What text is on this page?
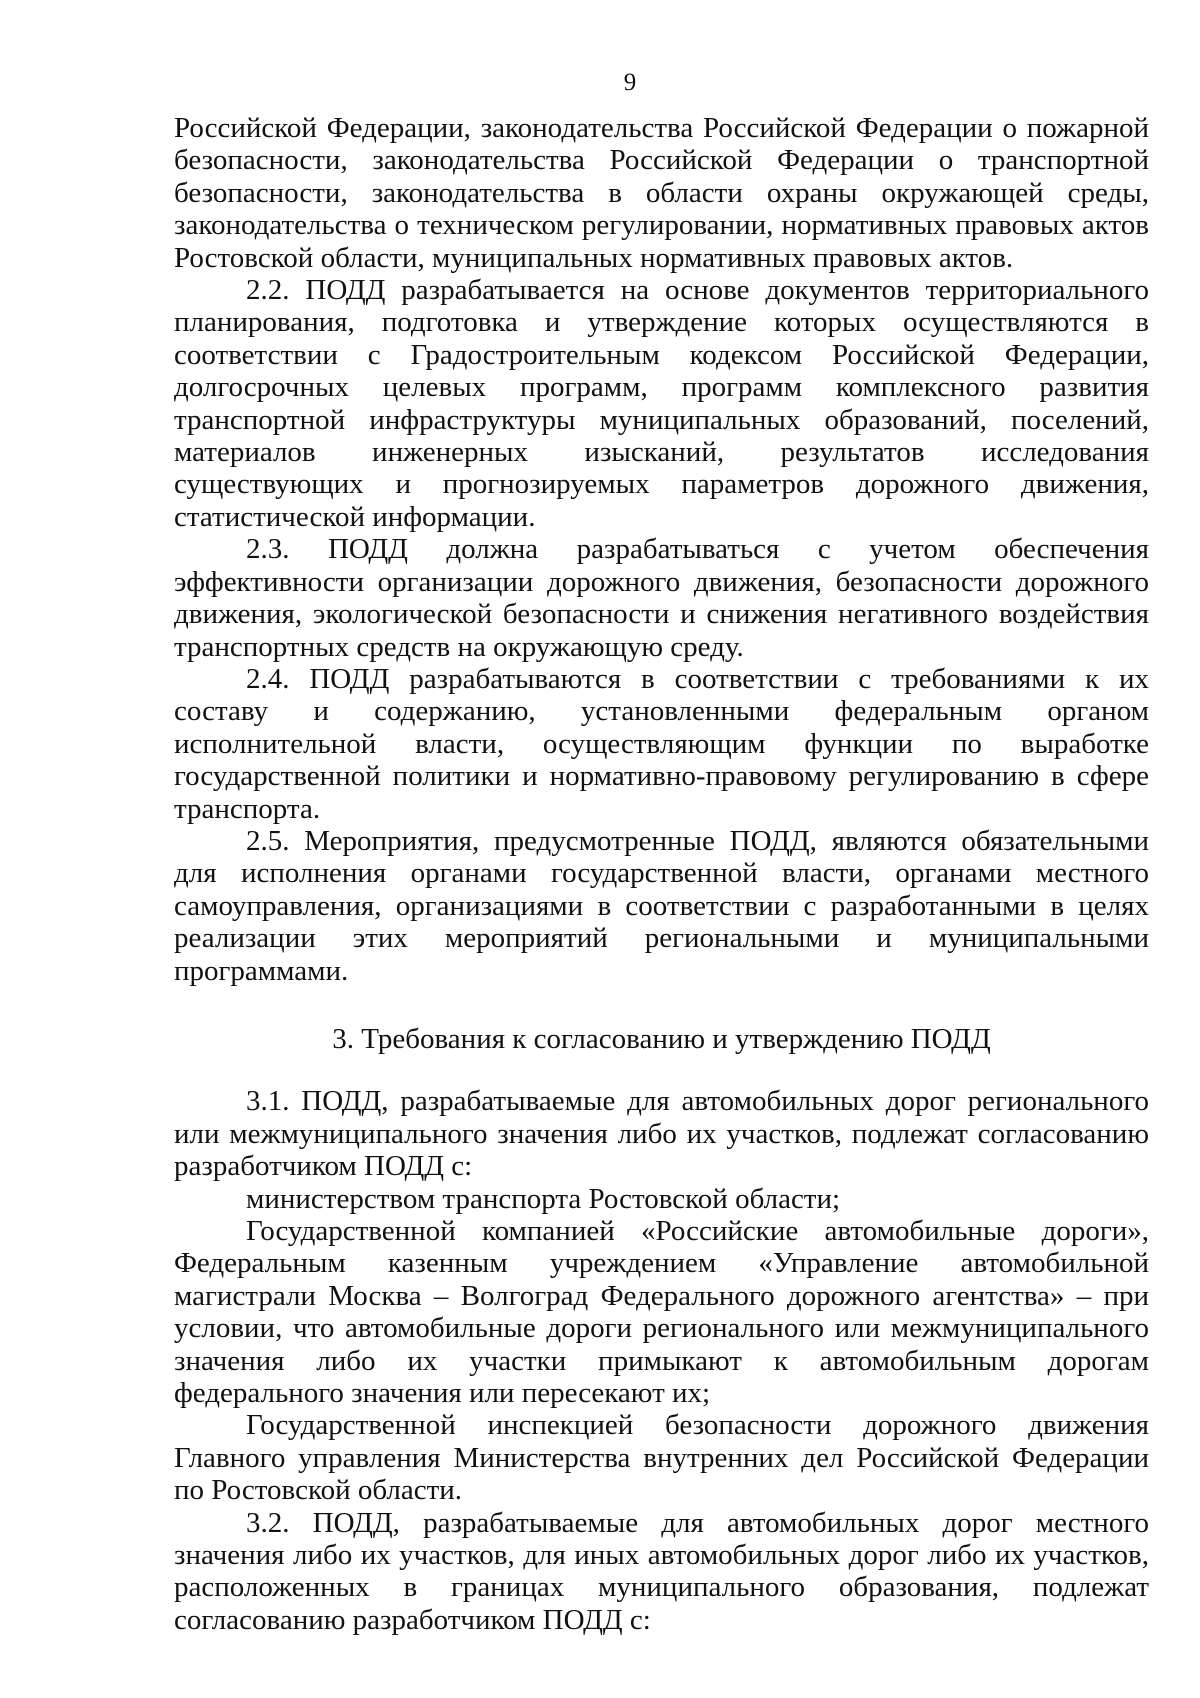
9

Российской Федерации, законодательства Российской Федерации о пожарной безопасности, законодательства Российской Федерации о транспортной безопасности, законодательства в области охраны окружающей среды, законодательства о техническом регулировании, нормативных правовых актов Ростовской области, муниципальных нормативных правовых актов.

2.2. ПОДД разрабатывается на основе документов территориального планирования, подготовка и утверждение которых осуществляются в соответствии с Градостроительным кодексом Российской Федерации, долгосрочных целевых программ, программ комплексного развития транспортной инфраструктуры муниципальных образований, поселений, материалов инженерных изысканий, результатов исследования существующих и прогнозируемых параметров дорожного движения, статистической информации.

2.3. ПОДД должна разрабатываться с учетом обеспечения эффективности организации дорожного движения, безопасности дорожного движения, экологической безопасности и снижения негативного воздействия транспортных средств на окружающую среду.

2.4. ПОДД разрабатываются в соответствии с требованиями к их составу и содержанию, установленными федеральным органом исполнительной власти, осуществляющим функции по выработке государственной политики и нормативно-правовому регулированию в сфере транспорта.

2.5. Мероприятия, предусмотренные ПОДД, являются обязательными для исполнения органами государственной власти, органами местного самоуправления, организациями в соответствии с разработанными в целях реализации этих мероприятий региональными и муниципальными программами.

3. Требования к согласованию и утверждению ПОДД

3.1. ПОДД, разрабатываемые для автомобильных дорог регионального или межмуниципального значения либо их участков, подлежат согласованию разработчиком ПОДД с:

министерством транспорта Ростовской области;

Государственной компанией «Российские автомобильные дороги», Федеральным казенным учреждением «Управление автомобильной магистрали Москва – Волгоград Федерального дорожного агентства» – при условии, что автомобильные дороги регионального или межмуниципального значения либо их участки примыкают к автомобильным дорогам федерального значения или пересекают их;

Государственной инспекцией безопасности дорожного движения Главного управления Министерства внутренних дел Российской Федерации по Ростовской области.

3.2. ПОДД, разрабатываемые для автомобильных дорог местного значения либо их участков, для иных автомобильных дорог либо их участков, расположенных в границах муниципального образования, подлежат согласованию разработчиком ПОДД с:
